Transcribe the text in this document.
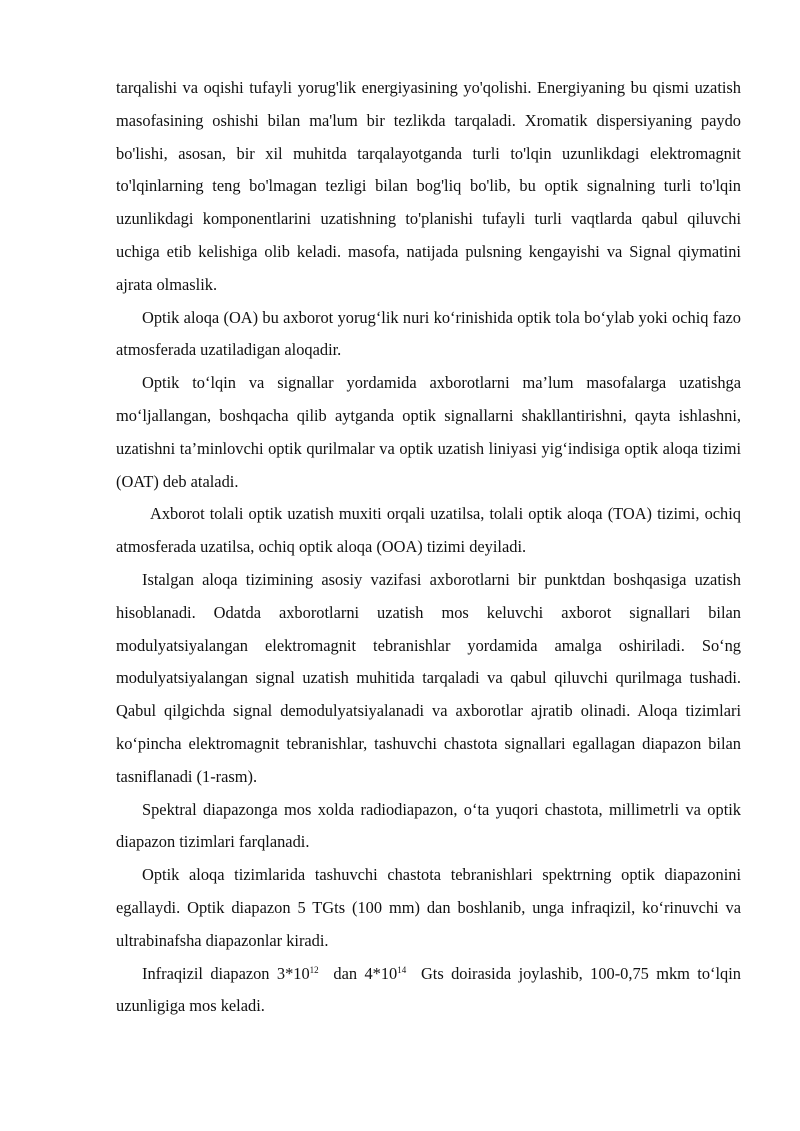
tarqalishi va oqishi tufayli yorug'lik energiyasining yo'qolishi. Energiyaning bu qismi uzatish masofasining oshishi bilan ma'lum bir tezlikda tarqaladi. Xromatik dispersiyaning paydo bo'lishi, asosan, bir xil muhitda tarqalayotganda turli to'lqin uzunlikdagi elektromagnit to'lqinlarning teng bo'lmagan tezligi bilan bog'liq bo'lib, bu optik signalning turli to'lqin uzunlikdagi komponentlarini uzatishning to'planishi tufayli turli vaqtlarda qabul qiluvchi uchiga etib kelishiga olib keladi. masofa, natijada pulsning kengayishi va Signal qiymatini ajrata olmaslik.

Optik aloqa (OA) bu axborot yorug‘lik nuri ko‘rinishida optik tola bo‘ylab yoki ochiq fazo atmosferada uzatiladigan aloqadir.

Optik to‘lqin va signallar yordamida axborotlarni ma’lum masofalarga uzatishga mo‘ljallangan, boshqacha qilib aytganda optik signallarni shakllantirishni, qayta ishlashni, uzatishni ta’minlovchi optik qurilmalar va optik uzatish liniyasi yig‘indisiga optik aloqa tizimi (OAT) deb ataladi.

Axborot tolali optik uzatish muxiti orqali uzatilsa, tolali optik aloqa (TOA) tizimi, ochiq atmosferada uzatilsa, ochiq optik aloqa (OOA) tizimi deyiladi.

Istalgan aloqa tizimining asosiy vazifasi axborotlarni bir punktdan boshqasiga uzatish hisoblanadi. Odatda axborotlarni uzatish mos keluvchi axborot signallari bilan modulyatsiyalangan elektromagnit tebranishlar yordamida amalga oshiriladi. So‘ng modulyatsiyalangan signal uzatish muhitida tarqaladi va qabul qiluvchi qurilmaga tushadi. Qabul qilgichda signal demodulyatsiyalanadi va axborotlar ajratib olinadi. Aloqa tizimlari ko‘pincha elektromagnit tebranishlar, tashuvchi chastota signallari egallagan diapazon bilan tasniflanadi (1-rasm).

Spektral diapazonga mos xolda radiodiapazon, o‘ta yuqori chastota, millimetrli va optik diapazon tizimlari farqlanadi.

Optik aloqa tizimlarida tashuvchi chastota tebranishlari spektrning optik diapazonini egallaydi. Optik diapazon 5 TGts (100 mm) dan boshlanib, unga infraqizil, ko‘rinuvchi va ultrabinafsha diapazonlar kiradi.

Infraqizil diapazon $3*10^{12}$  dan $4*10^{14}$  Gts doirasida joylashib, 100-0,75 mkm to‘lqin uzunligiga mos keladi.
